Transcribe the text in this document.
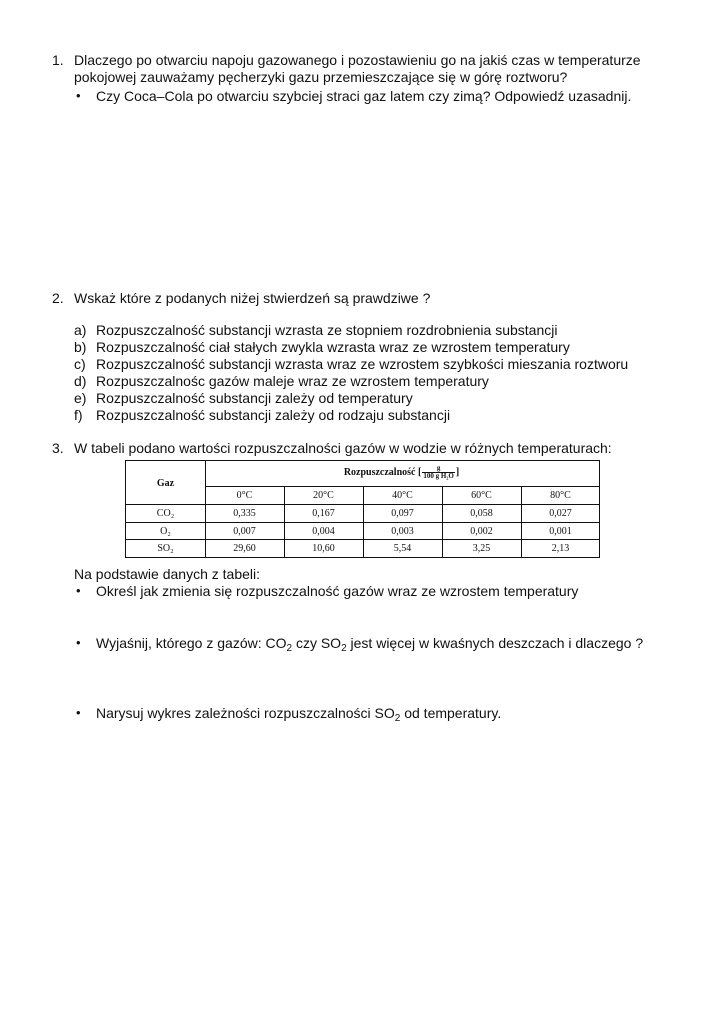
1. Dlaczego po otwarciu napoju gazowanego i pozostawieniu go na jakiś czas w temperaturze
pokojowej zauważamy pęcherzyki gazu przemieszczające się w górę roztworu?
• Czy Coca–Cola po otwarciu szybciej straci gaz latem czy zimą? Odpowiedź uzasadnij.
2. Wskaż które z podanych niżej stwierdzeń są prawdziwe ?
a) Rozpuszczalność substancji wzrasta ze stopniem rozdrobnienia substancji
b) Rozpuszczalność ciał stałych zwykla wzrasta wraz ze wzrostem temperatury
c) Rozpuszczalność substancji wzrasta wraz ze wzrostem szybkości mieszania roztworu
d) Rozpuszczalnośc gazów maleje wraz ze wzrostem temperatury
e) Rozpuszczalność substancji zależy od temperatury
f) Rozpuszczalność substancji zależy od rodzaju substancji
3. W tabeli podano wartości rozpuszczalności gazów w wodzie w różnych temperaturach:
Gaz
Rozpuszczalność [ $\frac{g}{\text{100 g H₂O}}$ ]
0°C	20°C	40°C	60°C	80°C
CO₂	0,335	0,167	0,097	0,058	0,027
O₂	0,007	0,004	0,003	0,002	0,001
SO₂	29,60	10,60	5,54	3,25	2,13
Na podstawie danych z tabeli:
• Określ jak zmienia się rozpuszczalność gazów wraz ze wzrostem temperatury
• Wyjaśnij, którego z gazów: $CO_2$ czy $SO_2$ jest więcej w kwaśnych deszczach i dlaczego ?
• Narysuj wykres zależności rozpuszczalności $SO_2$ od temperatury.
